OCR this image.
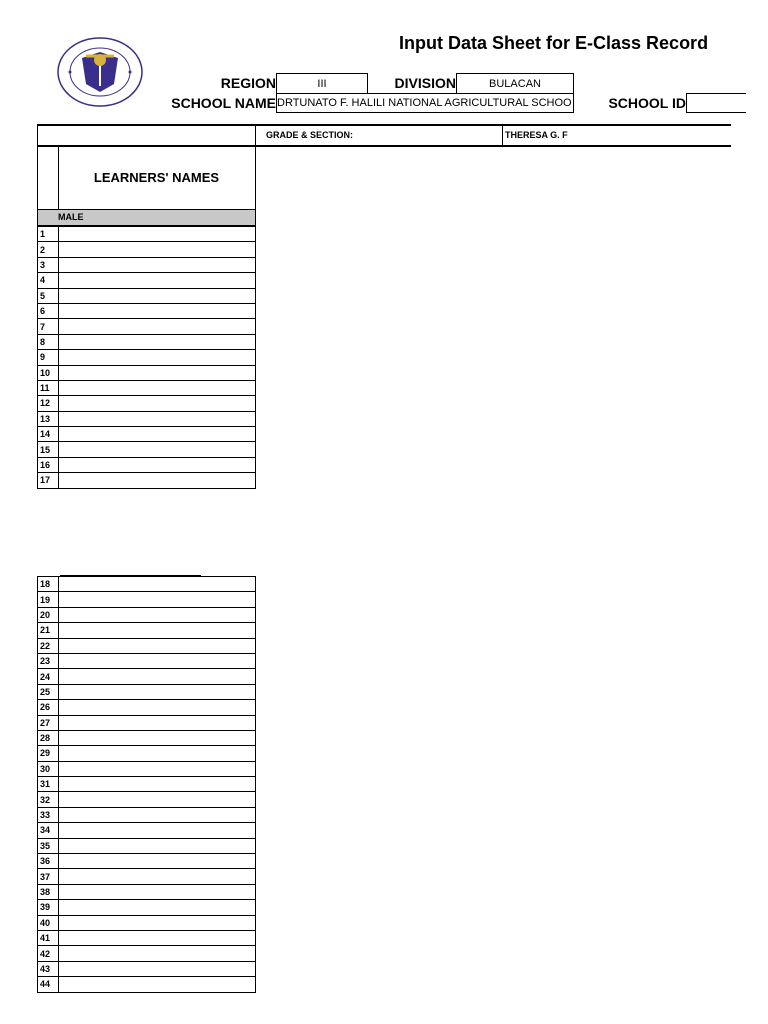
Input Data Sheet for E-Class Record
REGION	III	DIVISION	BULACAN
SCHOOL NAME DRTUNATO F. HALILI NATIONAL AGRICULTURAL SCHOO	SCHOOL ID
GRADE & SECTION:	THERESA G. F
LEARNERS' NAMES
MALE
1	
2	
3	
4	
5	
6	
7	
8	
9	
10	
11	
12	
13	
14	
15	
16	
17	
18	
19	
20	
21	
22	
23	
24	
25	
26	
27	
28	
29	
30	
31	
32	
33	
34	
35	
36	
37	
38	
39	
40	
41	
42	
43	
44	
